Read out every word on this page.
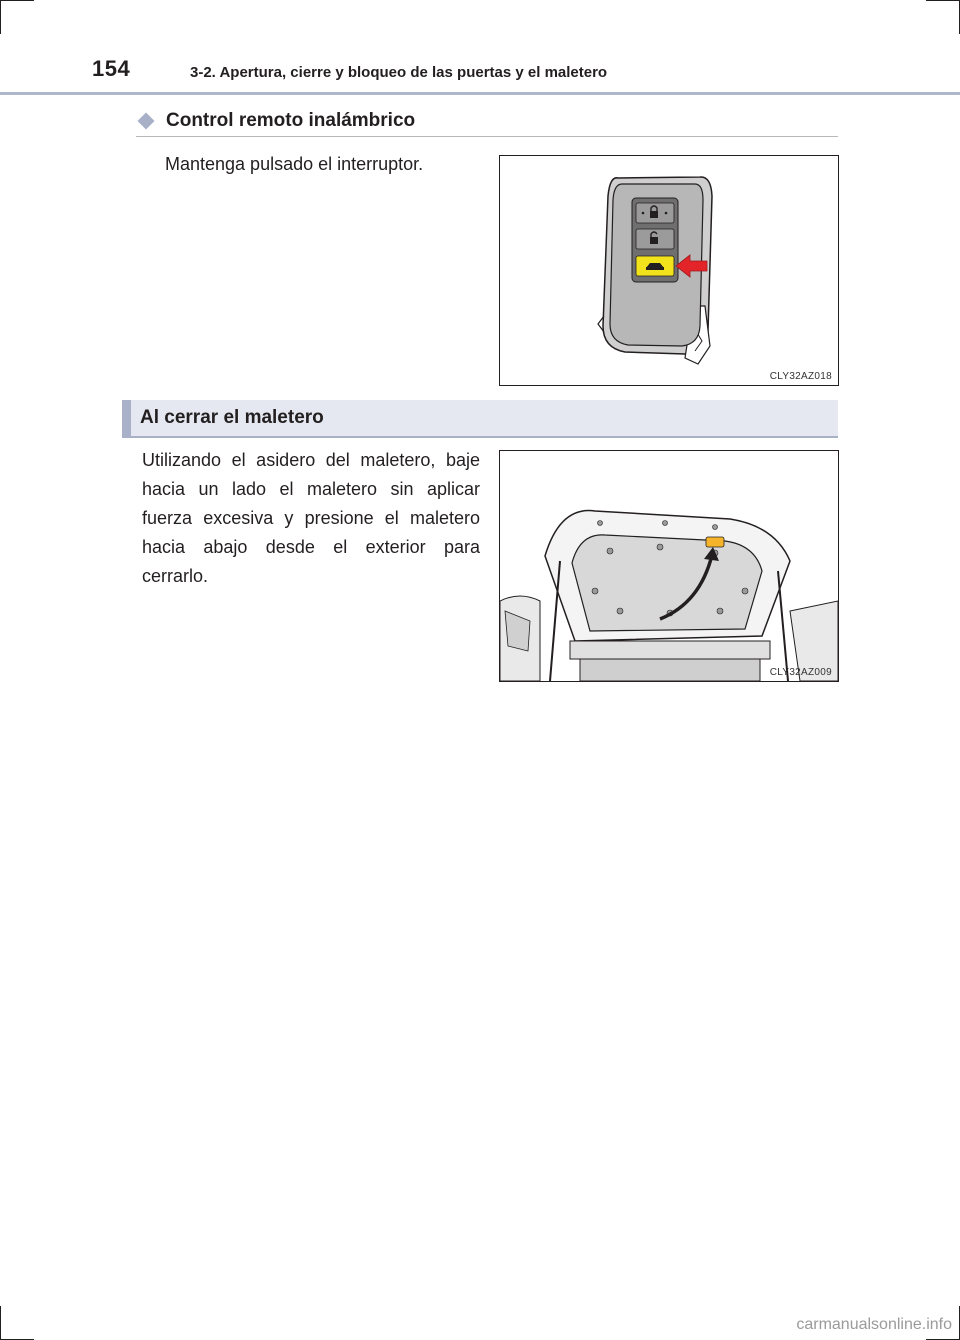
154	3-2. Apertura, cierre y bloqueo de las puertas y el maletero
Control remoto inalámbrico
Mantenga pulsado el interruptor.
CLY32AZ018
Al cerrar el maletero
Utilizando el asidero del maletero, baje hacia un lado el maletero sin aplicar fuerza excesiva y presione el maletero hacia abajo desde el exterior para cerrarlo.
CLY32AZ009
carmanualsonline.info
